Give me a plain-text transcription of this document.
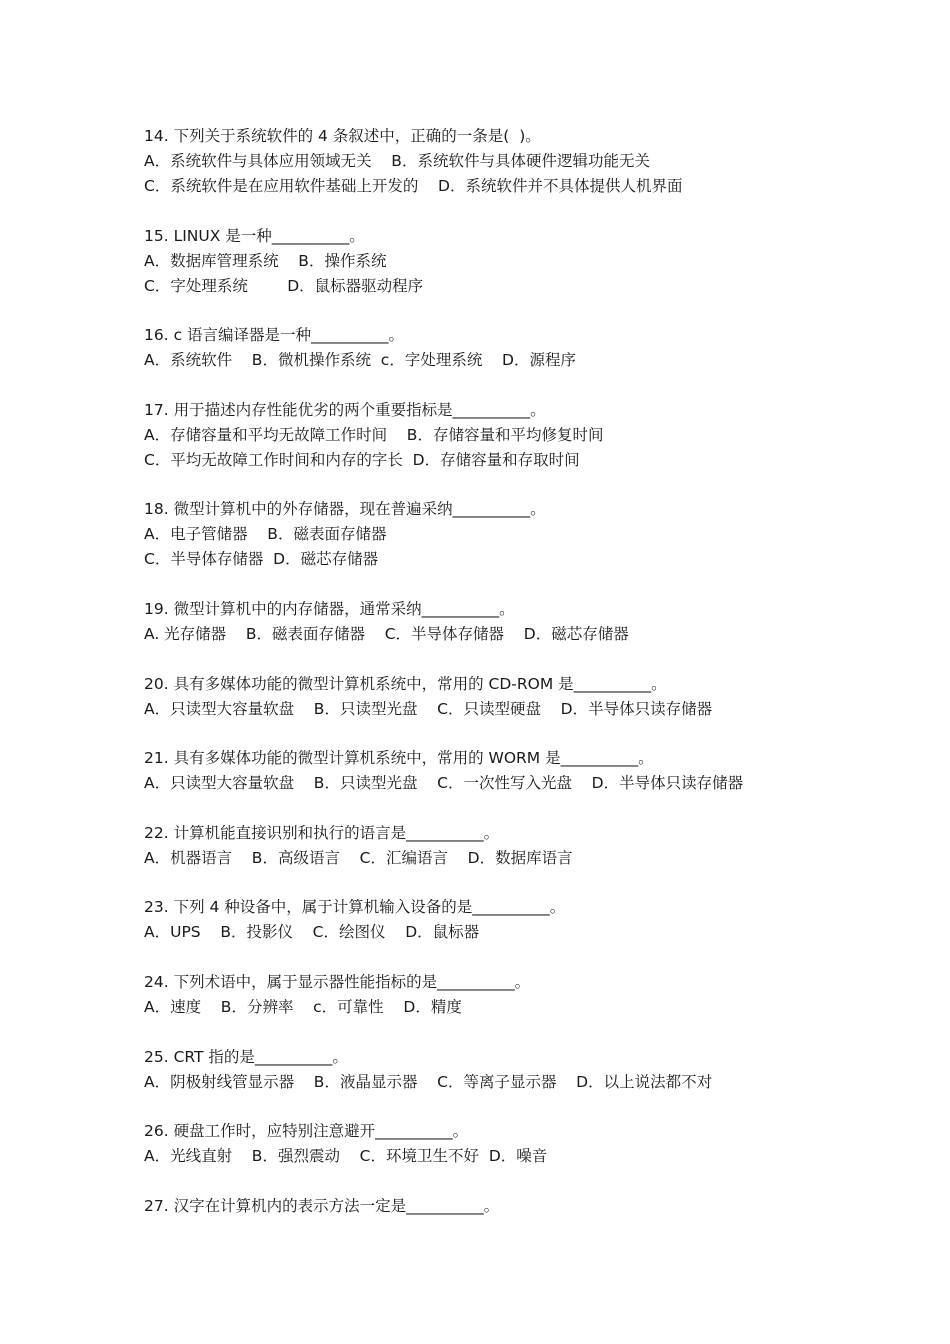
14. 下列关于系统软件的 4 条叙述中，正确的一条是(  )。
A．系统软件与具体应用领域无关    B．系统软件与具体硬件逻辑功能无关
C．系统软件是在应用软件基础上开发的    D．系统软件并不具体提供人机界面
15. LINUX 是一种__________。
A．数据库管理系统    B．操作系统
C．字处理系统        D．鼠标器驱动程序
16. c 语言编译器是一种__________。
A．系统软件    B．微机操作系统  c．字处理系统    D．源程序
17. 用于描述内存性能优劣的两个重要指标是__________。
A．存储容量和平均无故障工作时间    B．存储容量和平均修复时间
C．平均无故障工作时间和内存的字长  D．存储容量和存取时间
18. 微型计算机中的外存储器，现在普遍采纳__________。
A．电子管储器    B．磁表面存储器
C．半导体存储器  D．磁芯存储器
19. 微型计算机中的内存储器，通常采纳__________。
A. 光存储器    B．磁表面存储器    C．半导体存储器    D．磁芯存储器
20. 具有多媒体功能的微型计算机系统中，常用的 CD-ROM 是__________。
A．只读型大容量软盘    B．只读型光盘    C．只读型硬盘    D．半导体只读存储器
21. 具有多媒体功能的微型计算机系统中，常用的 WORM 是__________。
A．只读型大容量软盘    B．只读型光盘    C．一次性写入光盘    D．半导体只读存储器
22. 计算机能直接识别和执行的语言是__________。
A．机器语言    B．高级语言    C．汇编语言    D．数据库语言
23. 下列 4 种设备中，属于计算机输入设备的是__________。
A．UPS    B．投影仪    C．绘图仪    D．鼠标器
24. 下列术语中，属于显示器性能指标的是__________。
A．速度    B．分辨率    c．可靠性    D．精度
25. CRT 指的是__________。
A．阴极射线管显示器    B．液晶显示器    C．等离子显示器    D．以上说法都不对
26. 硬盘工作时，应特别注意避开__________。
A．光线直射    B．强烈震动    C．环境卫生不好  D．噪音
27. 汉字在计算机内的表示方法一定是__________。
